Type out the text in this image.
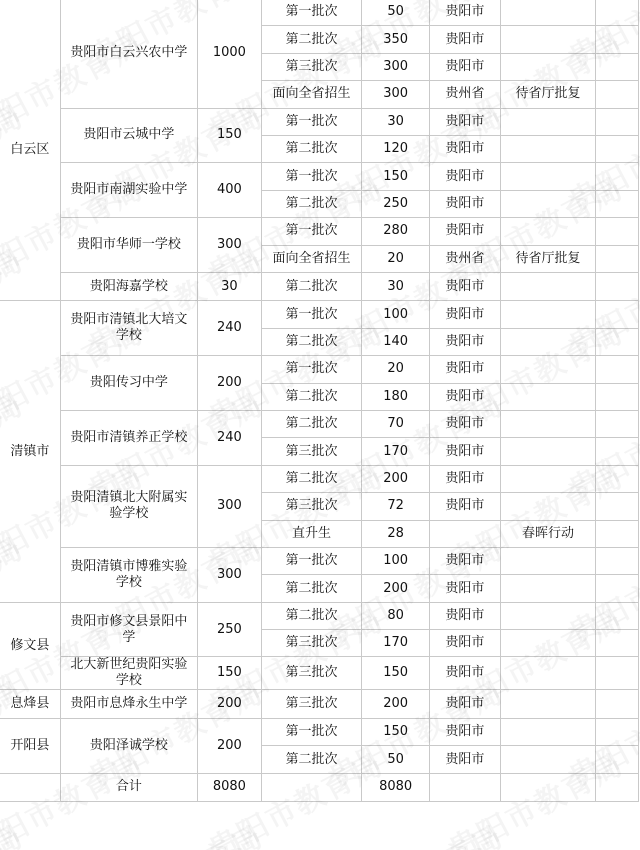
白云区	贵阳市白云兴农中学	1000	第一批次	50	贵阳市		
			第二批次	350	贵阳市		
			第三批次	300	贵阳市		
			面向全省招生	300	贵州省	待省厅批复	
	贵阳市云城中学	150	第一批次	30	贵阳市		
			第二批次	120	贵阳市		
	贵阳市南湖实验中学	400	第一批次	150	贵阳市		
			第二批次	250	贵阳市		
	贵阳市华师一学校	300	第一批次	280	贵阳市		
			面向全省招生	20	贵州省	待省厅批复	
	贵阳海嘉学校	30	第二批次	30	贵阳市		
清镇市	贵阳市清镇北大培文学校	240	第一批次	100	贵阳市		
			第二批次	140	贵阳市		
	贵阳传习中学	200	第一批次	20	贵阳市		
			第二批次	180	贵阳市		
	贵阳市清镇养正学校	240	第二批次	70	贵阳市		
			第三批次	170	贵阳市		
	贵阳清镇北大附属实验学校	300	第二批次	200	贵阳市		
			第三批次	72	贵阳市		
			直升生	28		春晖行动	
	贵阳清镇市博雅实验学校	300	第一批次	100	贵阳市		
			第二批次	200	贵阳市		
修文县	贵阳市修文县景阳中学	250	第二批次	80	贵阳市		
			第三批次	170	贵阳市		
	北大新世纪贵阳实验学校	150	第三批次	150	贵阳市		
息烽县	贵阳市息烽永生中学	200	第三批次	200	贵阳市		
开阳县	贵阳泽诚学校	200	第一批次	150	贵阳市		
			第二批次	50	贵阳市		
	合计	8080		8080			
